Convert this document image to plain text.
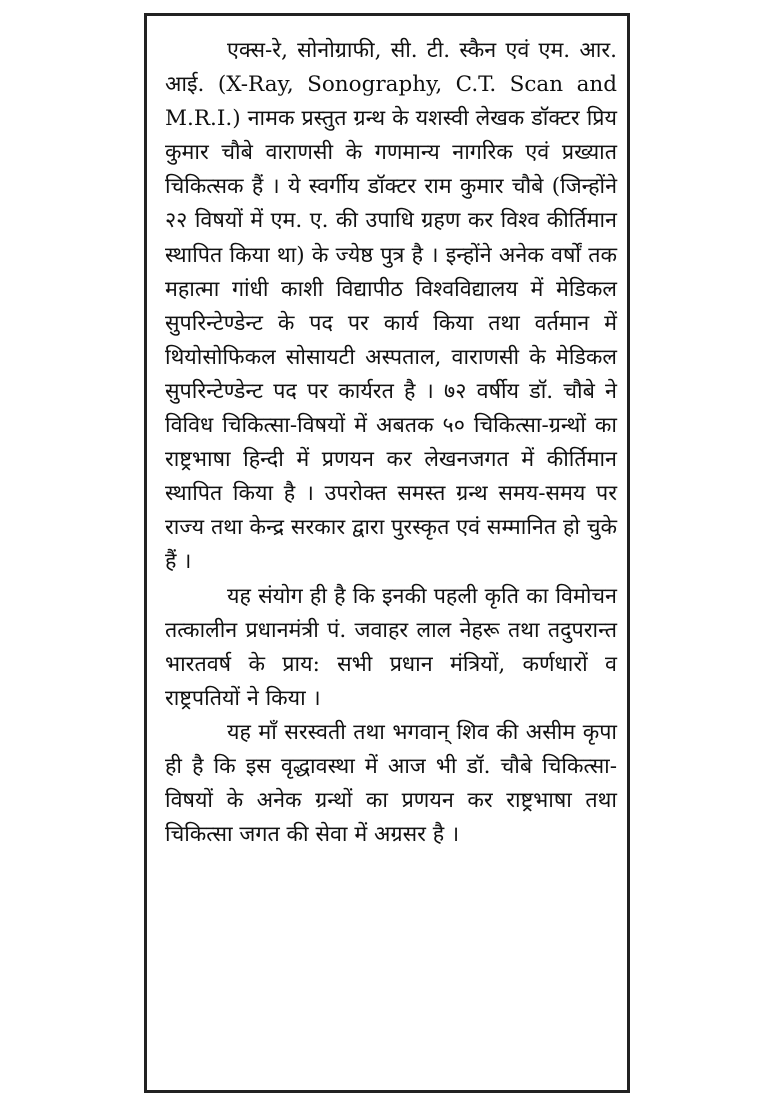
एक्स-रे, सोनोग्राफी, सी. टी. स्कैन एवं एम. आर. आई. (X-Ray, Sonography, C.T. Scan and M.R.I.) नामक प्रस्तुत ग्रन्थ के यशस्वी लेखक डॉक्टर प्रिय कुमार चौबे वाराणसी के गणमान्य नागरिक एवं प्रख्यात चिकित्सक हैं । ये स्वर्गीय डॉक्टर राम कुमार चौबे (जिन्होंने २२ विषयों में एम. ए. की उपाधि ग्रहण कर विश्व कीर्तिमान स्थापित किया था) के ज्येष्ठ पुत्र है । इन्होंने अनेक वर्षों तक महात्मा गांधी काशी विद्यापीठ विश्वविद्यालय में मेडिकल सुपरिन्टेण्डेन्ट के पद पर कार्य किया तथा वर्तमान में थियोसोफिकल सोसायटी अस्पताल, वाराणसी के मेडिकल सुपरिन्टेण्डेन्ट पद पर कार्यरत है । ७२ वर्षीय डॉ. चौबे ने विविध चिकित्सा-विषयों में अबतक ५० चिकित्सा-ग्रन्थों का राष्ट्रभाषा हिन्दी में प्रणयन कर लेखनजगत में कीर्तिमान स्थापित किया है । उपरोक्त समस्त ग्रन्थ समय-समय पर राज्य तथा केन्द्र सरकार द्वारा पुरस्कृत एवं सम्मानित हो चुके हैं ।

यह संयोग ही है कि इनकी पहली कृति का विमोचन तत्कालीन प्रधानमंत्री पं. जवाहर लाल नेहरू तथा तदुपरान्त भारतवर्ष के प्राय: सभी प्रधान मंत्रियों, कर्णधारों व राष्ट्रपतियों ने किया ।

यह माँ सरस्वती तथा भगवान् शिव की असीम कृपा ही है कि इस वृद्धावस्था में आज भी डॉ. चौबे चिकित्सा-विषयों के अनेक ग्रन्थों का प्रणयन कर राष्ट्रभाषा तथा चिकित्सा जगत की सेवा में अग्रसर है ।
